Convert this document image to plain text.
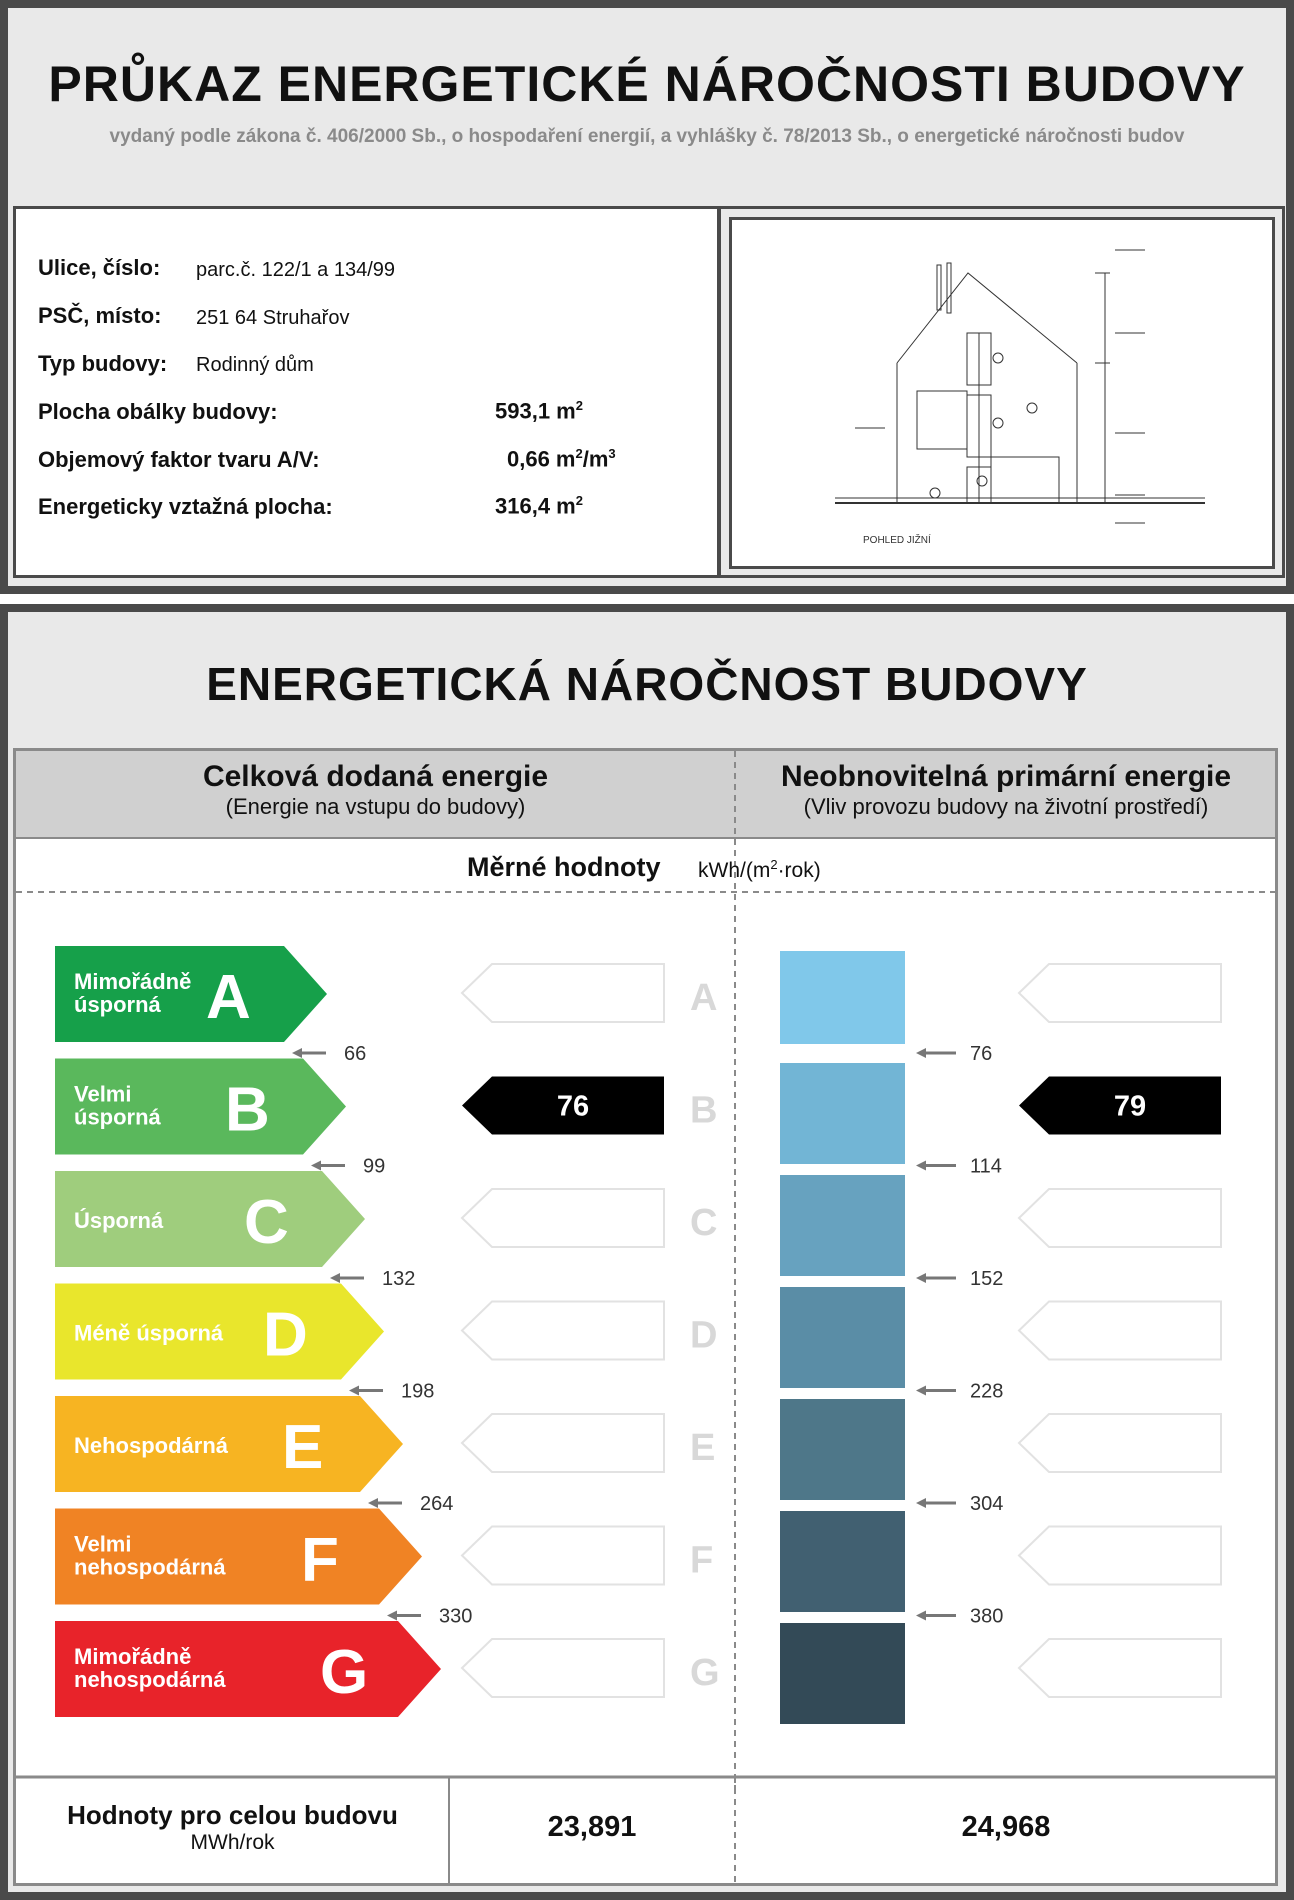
PRŮKAZ ENERGETICKÉ NÁROČNOSTI BUDOVY
vydaný podle zákona č. 406/2000 Sb., o hospodaření energií, a vyhlášky č. 78/2013 Sb., o energetické náročnosti budov
Ulice, číslo: parc.č. 122/1 a 134/99
PSČ, místo: 251 64 Struhařov
Typ budovy: Rodinný dům
Plocha obálky budovy:	593,1 $m^2$
Objemový faktor tvaru A/V:	0,66 $m^2/m^3$
Energeticky vztažná plocha:	316,4 $m^2$
POHLED JIŽNÍ
ENERGETICKÁ NÁROČNOST BUDOVY
Celková dodaná energie
(Energie na vstupu do budovy)
Neobnovitelná primární energie
(Vliv provozu budovy na životní prostředí)
Měrné hodnoty kWh/$(m^2\cdot rok)$
Mimořádně
úsporná A
66
A
76
Velmi
úsporná B
99
76	B
114
79
Úsporná C
132
C
152
Méně úsporná D
198
D
228
Nehospodárná E
264
E
304
Velmi
nehospodárná F
330
F
380
Mimořádně
nehospodárná G	G
Hodnoty pro celou budovu
MWh/rok	23,891	24,968
